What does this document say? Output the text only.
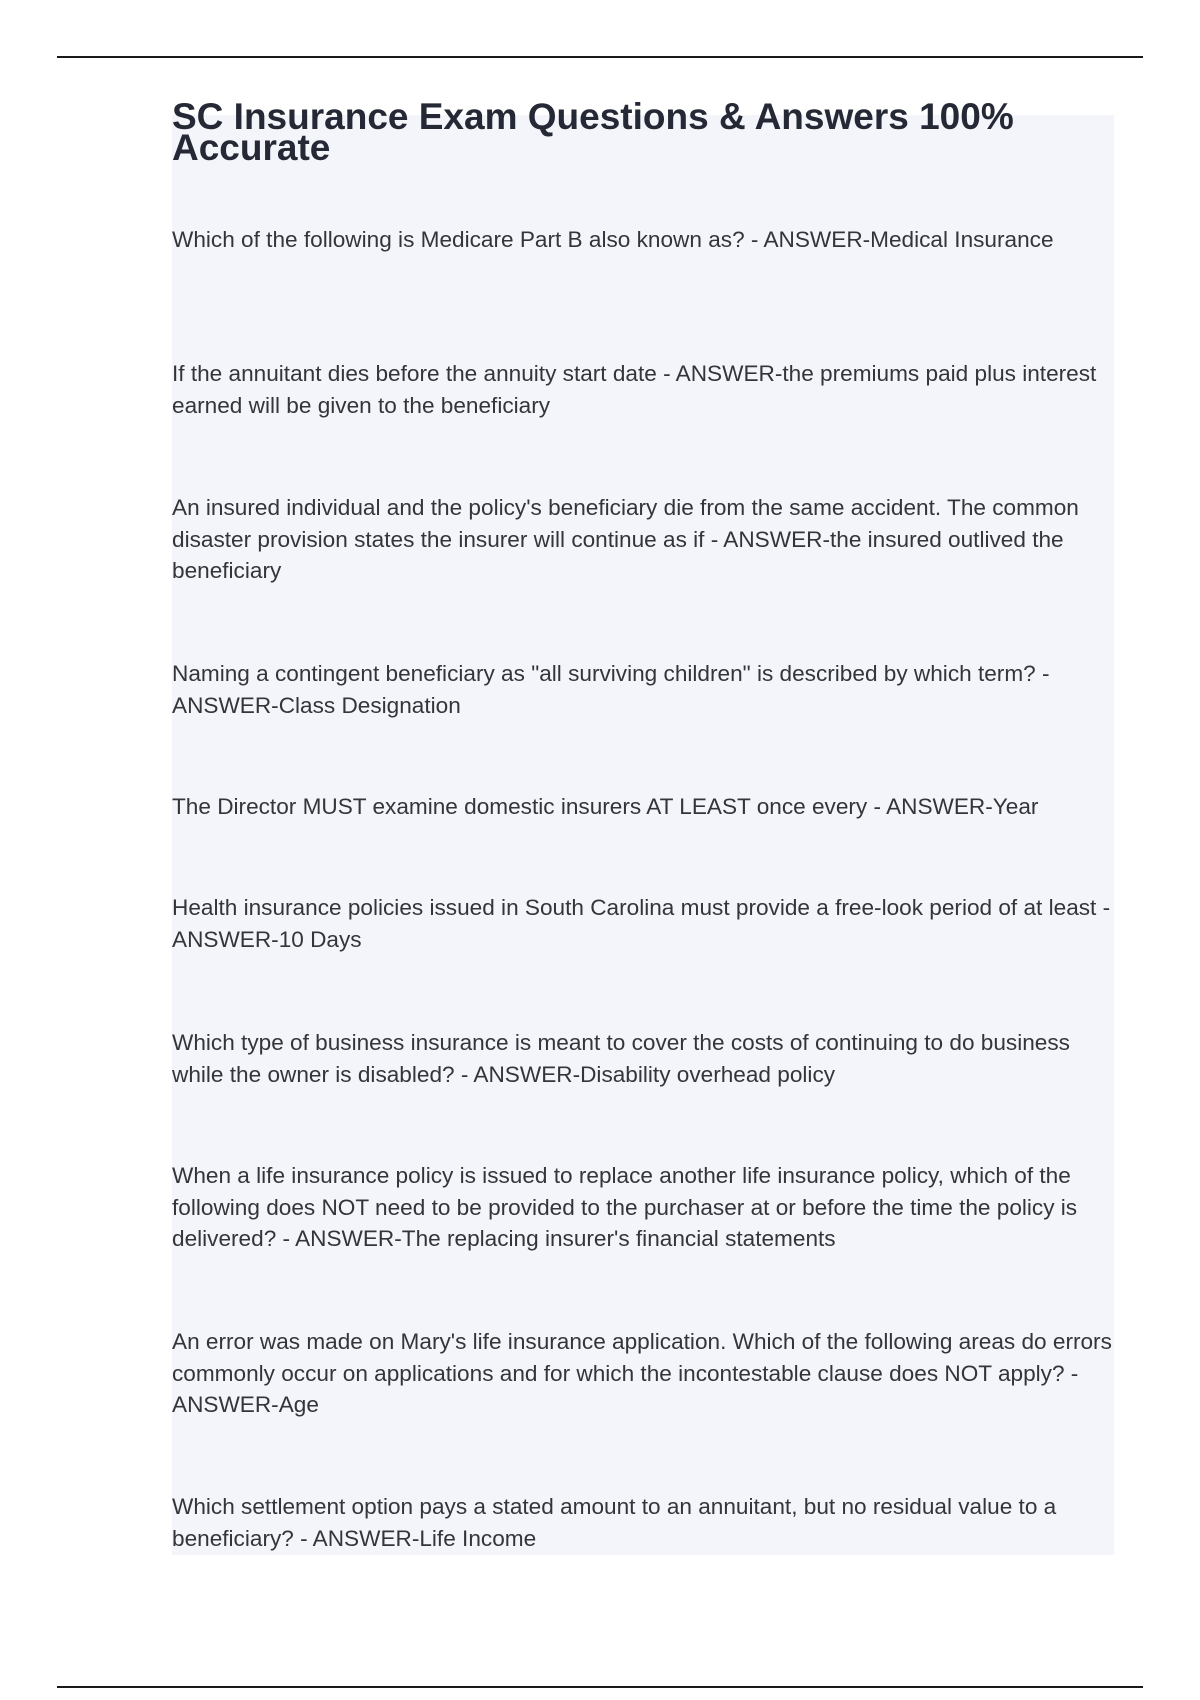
SC Insurance Exam Questions & Answers 100% Accurate

Which of the following is Medicare Part B also known as? - ANSWER-Medical Insurance

If the annuitant dies before the annuity start date - ANSWER-the premiums paid plus interest earned will be given to the beneficiary

An insured individual and the policy's beneficiary die from the same accident. The common disaster provision states the insurer will continue as if - ANSWER-the insured outlived the beneficiary

Naming a contingent beneficiary as "all surviving children" is described by which term? - ANSWER-Class Designation

The Director MUST examine domestic insurers AT LEAST once every - ANSWER-Year

Health insurance policies issued in South Carolina must provide a free-look period of at least - ANSWER-10 Days

Which type of business insurance is meant to cover the costs of continuing to do business while the owner is disabled? - ANSWER-Disability overhead policy

When a life insurance policy is issued to replace another life insurance policy, which of the following does NOT need to be provided to the purchaser at or before the time the policy is delivered? - ANSWER-The replacing insurer's financial statements

An error was made on Mary's life insurance application. Which of the following areas do errors commonly occur on applications and for which the incontestable clause does NOT apply? - ANSWER-Age

Which settlement option pays a stated amount to an annuitant, but no residual value to a beneficiary? - ANSWER-Life Income
